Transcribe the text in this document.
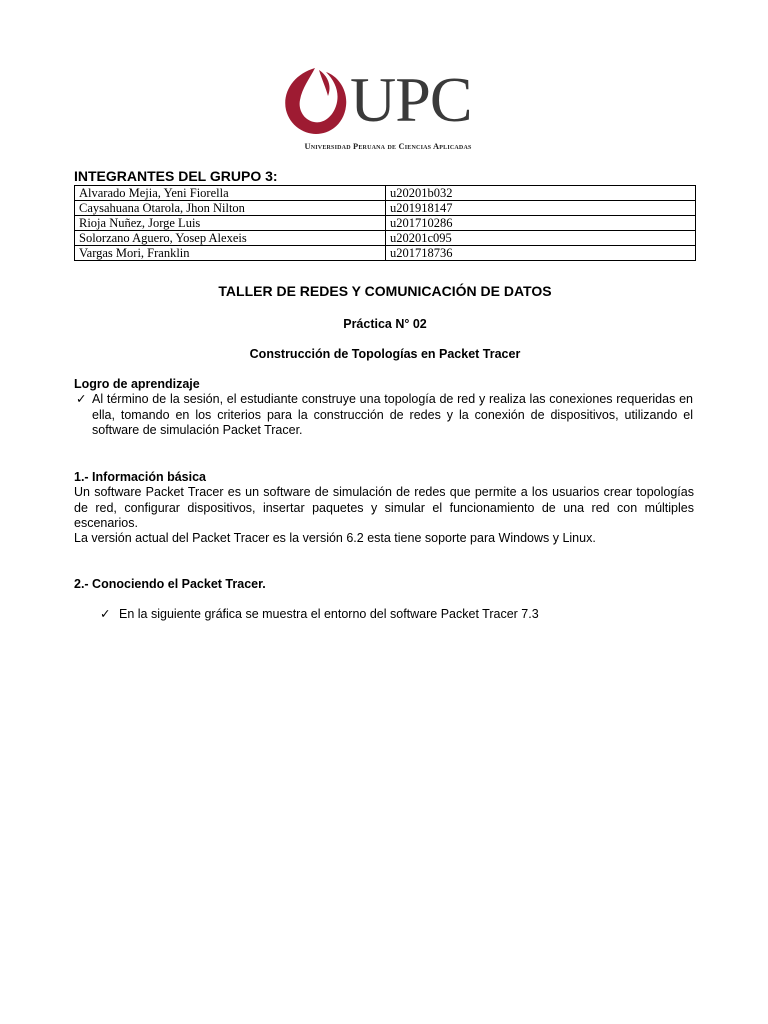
UPC
Universidad Peruana de Ciencias Aplicadas
INTEGRANTES DEL GRUPO 3:
Alvarado Mejia, Yeni Fiorella	u20201b032
Caysahuana Otarola, Jhon Nilton	u201918147
Rioja Nuñez, Jorge Luis	u201710286
Solorzano Aguero, Yosep Alexeis	u20201c095
Vargas Mori, Franklin	u201718736
TALLER DE REDES Y COMUNICACIÓN DE DATOS
Práctica N° 02
Construcción de Topologías en Packet Tracer
Logro de aprendizaje
✓ Al término de la sesión, el estudiante construye una topología de red y realiza las conexiones requeridas en ella, tomando en los criterios para la construcción de redes y la conexión de dispositivos, utilizando el software de simulación Packet Tracer.
1.- Información básica
Un software Packet Tracer es un software de simulación de redes que permite a los usuarios crear topologías de red, configurar dispositivos, insertar paquetes y simular el funcionamiento de una red con múltiples escenarios.
La versión actual del Packet Tracer es la versión 6.2 esta tiene soporte para Windows y Linux.
2.- Conociendo el Packet Tracer.
✓ En la siguiente gráfica se muestra el entorno del software Packet Tracer 7.3
